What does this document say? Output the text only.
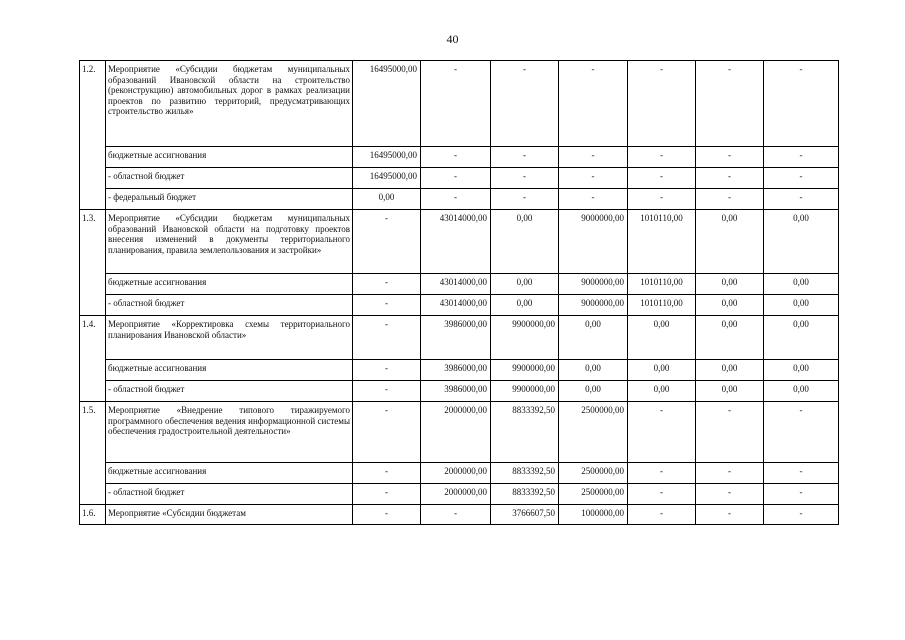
40
1.2.	Мероприятие «Субсидии бюджетам муниципальных образований Ивановской области на строительство (реконструкцию) автомобильных дорог в рамках реализации проектов по развитию территорий, предусматривающих строительство жилья»	16495000,00	-	-	-	-	-	-
	бюджетные ассигнования	16495000,00	-	-	-	-	-	-
	- областной бюджет	16495000,00	-	-	-	-	-	-
	- федеральный бюджет	0,00	-	-	-	-	-	-
1.3.	Мероприятие «Субсидии бюджетам муниципальных образований Ивановской области на подготовку проектов внесения изменений в документы территориального планирования, правила землепользования и застройки»	-	43014000,00	0,00	9000000,00	1010110,00	0,00	0,00
	бюджетные ассигнования	-	43014000,00	0,00	9000000,00	1010110,00	0,00	0,00
	- областной бюджет	-	43014000,00	0,00	9000000,00	1010110,00	0,00	0,00
1.4.	Мероприятие «Корректировка схемы территориального планирования Ивановской области»	-	3986000,00	9900000,00	0,00	0,00	0,00	0,00
	бюджетные ассигнования	-	3986000,00	9900000,00	0,00	0,00	0,00	0,00
	- областной бюджет	-	3986000,00	9900000,00	0,00	0,00	0,00	0,00
1.5.	Мероприятие «Внедрение типового тиражируемого программного обеспечения ведения информационной системы обеспечения градостроительной деятельности»	-	2000000,00	8833392,50	2500000,00	-	-	-
	бюджетные ассигнования	-	2000000,00	8833392,50	2500000,00	-	-	-
	- областной бюджет	-	2000000,00	8833392,50	2500000,00	-	-	-
1.6.	Мероприятие «Субсидии бюджетам	-	-	3766607,50	1000000,00	-	-	-
